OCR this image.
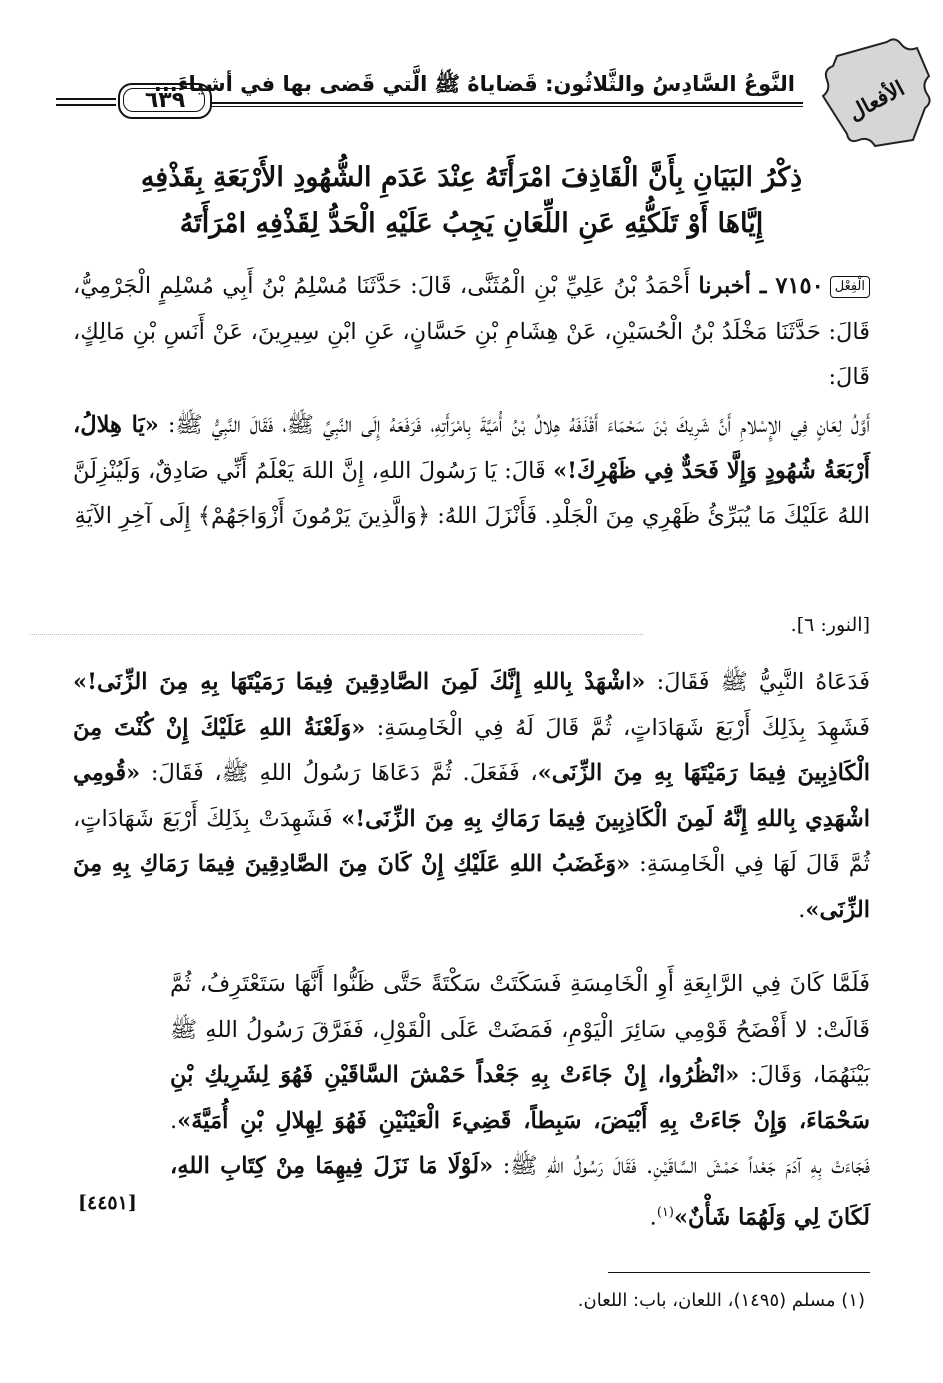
الأفعال
النَّوعُ السَّادِسُ والثَّلاثُون: قَضاياهُ ﷺ الَّتي قَضى بها في أشياءَ...
٦٣٩
ذِكْرُ البَيَانِ بِأَنَّ الْقَاذِفَ امْرَأَتَهُ عِنْدَ عَدَمِ الشُّهُودِ الأَرْبَعَةِ بِقَذْفِهِ
إِيَّاهَا أَوْ تَلَكُّئِهِ عَنِ اللِّعَانِ يَجِبُ عَلَيْهِ الْحَدُّ لِقَذْفِهِ امْرَأَتَهُ
الْفِعْل٧١٥٠ ـ أخبرنا أَحْمَدُ بْنُ عَلِيِّ بْنِ الْمُثَنَّى، قَالَ: حَدَّثَنَا مُسْلِمُ بْنُ أَبِي مُسْلِمٍ الْجَرْمِيُّ، قَالَ: حَدَّثَنَا مَخْلَدُ بْنُ الْحُسَيْنِ، عَنْ هِشَامِ بْنِ حَسَّانٍ، عَنِ ابْنِ سِيرِينَ، عَنْ أَنَسِ بْنِ مَالِكٍ، قَالَ:
أَوَّلُ لِعَانٍ فِي الإِسْلامِ أَنَّ شَرِيكَ بْنَ سَحْمَاءَ أَقْذَفَهُ هِلالُ بْنُ أُمَيَّةَ بِامْرَأَتِهِ، فَرَفَعَهُ إِلَى النَّبِيِّ ﷺ، فَقَالَ النَّبِيُّ ﷺ: «يَا هِلالُ، أَرْبَعَةُ شُهُودٍ وَإِلَّا فَحَدٌّ فِي ظَهْرِكَ!» قَالَ: يَا رَسُولَ اللهِ، إِنَّ اللهَ يَعْلَمُ أَنِّي صَادِقٌ، وَلَيُنْزِلَنَّ اللهُ عَلَيْكَ مَا يُبَرِّئُ ظَهْرِي مِنَ الْجَلْدِ. فَأَنْزَلَ اللهُ: ﴿وَالَّذِينَ يَرْمُونَ أَزْوَاجَهُمْ﴾ إِلَى آخِرِ الآيَةِ
[النور: ٦].
فَدَعَاهُ النَّبِيُّ ﷺ فَقَالَ: «اشْهَدْ بِاللهِ إِنَّكَ لَمِنَ الصَّادِقِينَ فِيمَا رَمَيْتَهَا بِهِ مِنَ الزِّنَى!» فَشَهِدَ بِذَلِكَ أَرْبَعَ شَهَادَاتٍ، ثُمَّ قَالَ لَهُ فِي الْخَامِسَةِ: «وَلَعْنَةُ اللهِ عَلَيْكَ إِنْ كُنْتَ مِنَ الْكَاذِبِينَ فِيمَا رَمَيْتَهَا بِهِ مِنَ الزِّنَى»، فَفَعَلَ. ثُمَّ دَعَاهَا رَسُولُ اللهِ ﷺ، فَقَالَ: «قُومِي اشْهَدِي بِاللهِ إِنَّهُ لَمِنَ الْكَاذِبِينَ فِيمَا رَمَاكِ بِهِ مِنَ الزِّنَى!» فَشَهِدَتْ بِذَلِكَ أَرْبَعَ شَهَادَاتٍ، ثُمَّ قَالَ لَهَا فِي الْخَامِسَةِ: «وَغَضَبُ اللهِ عَلَيْكِ إِنْ كَانَ مِنَ الصَّادِقِينَ فِيمَا رَمَاكِ بِهِ مِنَ الزِّنَى».
فَلَمَّا كَانَ فِي الرَّابِعَةِ أَوِ الْخَامِسَةِ فَسَكَتَتْ سَكْتَةً حَتَّى ظَنُّوا أَنَّهَا سَتَعْتَرِفُ، ثُمَّ قَالَتْ: لا أَفْضَحُ قَوْمِي سَائِرَ الْيَوْمِ، فَمَضَتْ عَلَى الْقَوْلِ، فَفَرَّقَ رَسُولُ اللهِ ﷺ بَيْنَهُمَا، وَقَالَ: «انْظُرُوا، إِنْ جَاءَتْ بِهِ جَعْداً حَمْشَ السَّاقَيْنِ فَهُوَ لِشَرِيكِ بْنِ سَحْمَاءَ، وَإِنْ جَاءَتْ بِهِ أَبْيَضَ، سَبِطاً، قَضِيءَ الْعَيْنَيْنِ فَهُوَ لِهِلالِ بْنِ أُمَيَّةَ». فَجَاءَتْ بِهِ آدَمَ جَعْداً حَمْشَ السَّاقَيْنِ. فَقَالَ رَسُولُ اللهِ ﷺ: «لَوْلَا مَا نَزَلَ فِيهِمَا مِنْ كِتَابِ اللهِ، لَكَانَ لِي وَلَهُمَا شَأْنٌ»$^{(١)}$.
[٤٤٥١]
(١) مسلم (١٤٩٥)، اللعان، باب: اللعان.
